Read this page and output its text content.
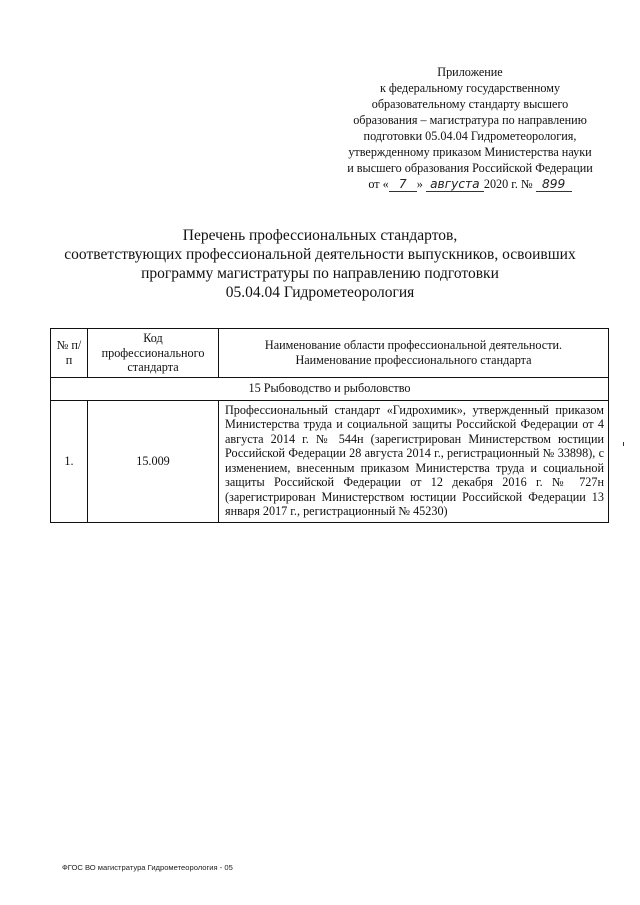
Приложение
к федеральному государственному
образовательному стандарту высшего
образования – магистратура по направлению
подготовки 05.04.04 Гидрометеорология,
утвержденному приказом Министерства науки
и высшего образования Российской Федерации
от « 7 » августа 2020 г. № 899
Перечень профессиональных стандартов,
соответствующих профессиональной деятельности выпускников, освоивших
программу магистратуры по направлению подготовки
05.04.04 Гидрометеорология
№ п/п	Код профессионального стандарта	Наименование области профессиональной деятельности. Наименование профессионального стандарта
15 Рыбоводство и рыболовство		
1.	15.009	Профессиональный стандарт «Гидрохимик», утвержденный приказом Министерства труда и социальной защиты Российской Федерации от 4 августа 2014 г. № 544н (зарегистрирован Министерством юстиции Российской Федерации 28 августа 2014 г., регистрационный № 33898), с изменением, внесенным приказом Министерства труда и социальной защиты Российской Федерации от 12 декабря 2016 г. № 727н (зарегистрирован Министерством юстиции Российской Федерации 13 января 2017 г., регистрационный № 45230)
ФГОС ВО магистратура Гидрометеорология - 05
